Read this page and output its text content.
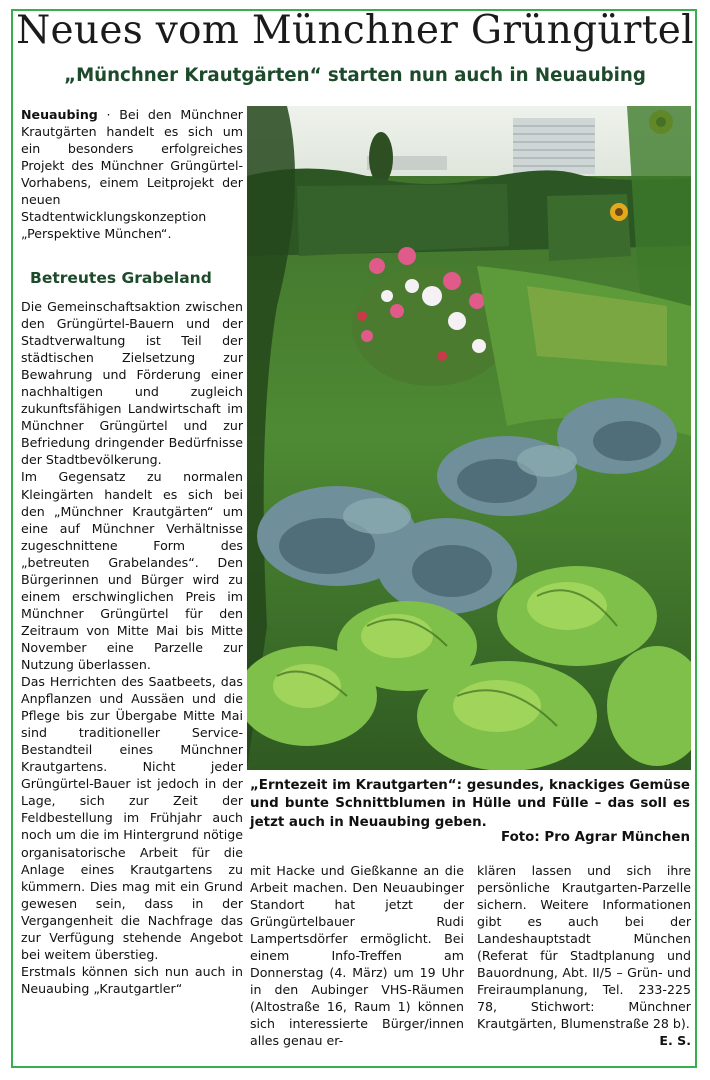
Neues vom Münchner Grüngürtel
„Münchner Krautgärten“ starten nun auch in Neuaubing

Neuaubing · Bei den Münchner Krautgärten handelt es sich um ein besonders erfolgreiches Projekt des Münchner Grüngürtel-Vorhabens, einem Leitprojekt der neuen Stadtentwicklungskonzeption „Perspektive München“.

Betreutes Grabeland

Die Gemeinschaftsaktion zwischen den Grüngürtel-Bauern und der Stadtverwaltung ist Teil der städtischen Zielsetzung zur Bewahrung und Förderung einer nachhaltigen und zugleich zukunftsfähigen Landwirtschaft im Münchner Grüngürtel und zur Befriedung dringender Bedürfnisse der Stadtbevölkerung.

Im Gegensatz zu normalen Kleingärten handelt es sich bei den „Münchner Krautgärten“ um eine auf Münchner Verhältnisse zugeschnittene Form des „betreuten Grabelandes“. Den Bürgerinnen und Bürger wird zu einem erschwinglichen Preis im Münchner Grüngürtel für den Zeitraum von Mitte Mai bis Mitte November eine Parzelle zur Nutzung überlassen.

Das Herrichten des Saatbeets, das Anpflanzen und Aussäen und die Pflege bis zur Übergabe Mitte Mai sind traditioneller Service-Bestandteil eines Münchner Krautgartens. Nicht jeder Grüngürtel-Bauer ist jedoch in der Lage, sich zur Zeit der Feldbestellung im Frühjahr auch noch um die im Hintergrund nötige organisatorische Arbeit für die Anlage eines Krautgartens zu kümmern. Dies mag mit ein Grund gewesen sein, dass in der Vergangenheit die Nachfrage das zur Verfügung stehende Angebot bei weitem überstieg.

Erstmals können sich nun auch in Neuaubing „Krautgartler“

„Erntezeit im Krautgarten“: gesundes, knackiges Gemüse und bunte Schnittblumen in Hülle und Fülle – das soll es jetzt auch in Neuaubing geben.
Foto: Pro Agrar München

mit Hacke und Gießkanne an die Arbeit machen. Den Neuaubinger Standort hat jetzt der Grüngürtelbauer Rudi Lampertsdörfer ermöglicht. Bei einem Info-Treffen am Donnerstag (4. März) um 19 Uhr in den Aubinger VHS-Räumen (Altostraße 16, Raum 1) können sich interessierte Bürger/innen alles genau er-

klären lassen und sich ihre persönliche Krautgarten-Parzelle sichern. Weitere Informationen gibt es auch bei der Landeshauptstadt München (Referat für Stadtplanung und Bauordnung, Abt. II/5 – Grün- und Freiraumplanung, Tel. 233-225 78, Stichwort: Münchner Krautgärten, Blumenstraße 28 b).

E. S.
